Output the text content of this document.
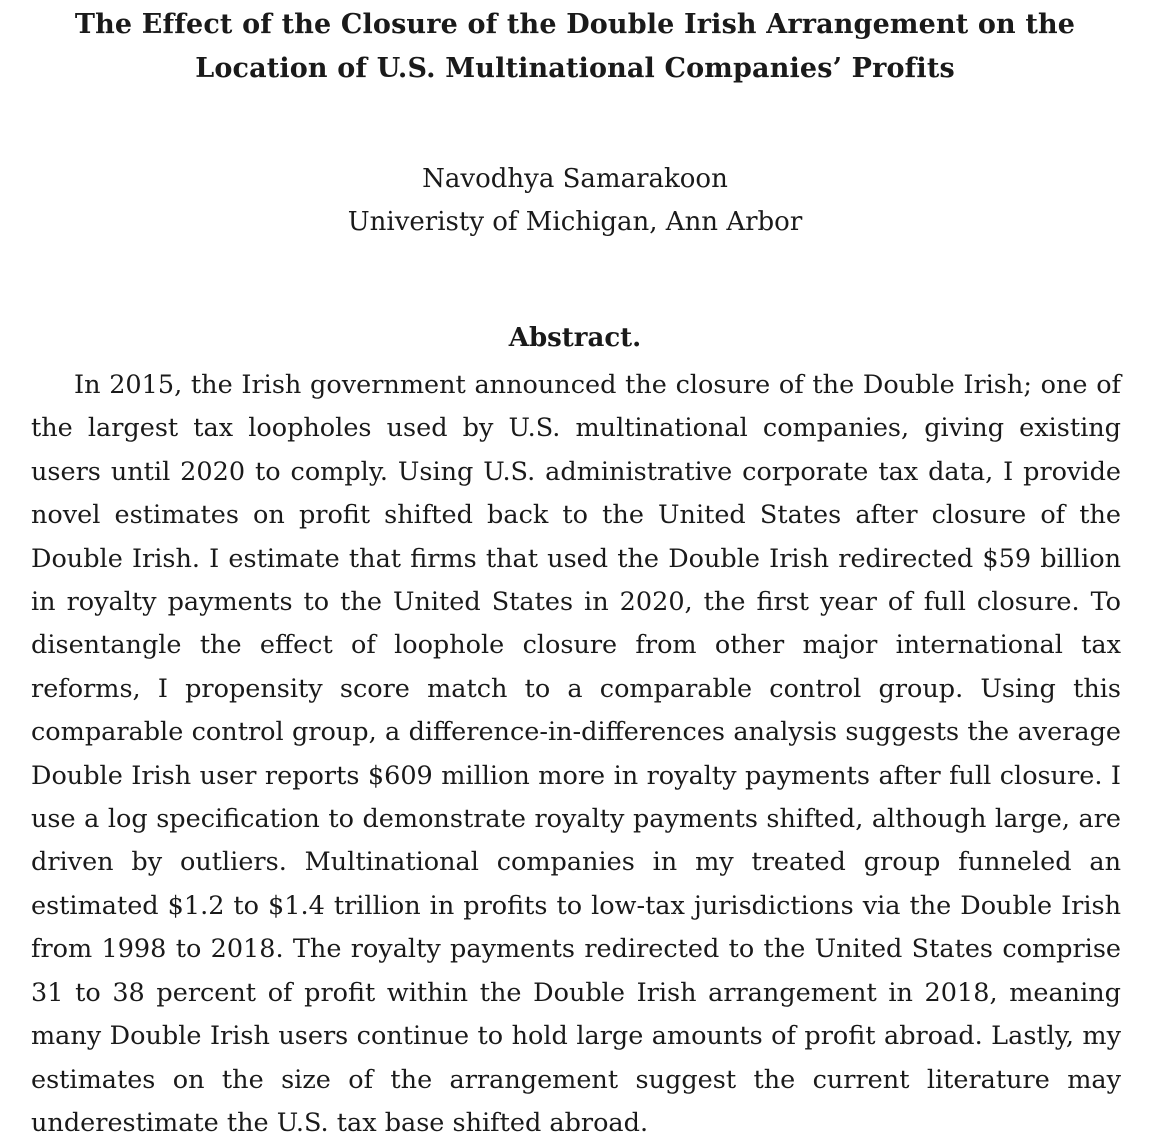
The Effect of the Closure of the Double Irish Arrangement on the Location of U.S. Multinational Companies’ Profits
Navodhya Samarakoon
Univeristy of Michigan, Ann Arbor
Abstract.

In 2015, the Irish government announced the closure of the Double Irish; one of the largest tax loopholes used by U.S. multinational companies, giving existing users until 2020 to comply. Using U.S. administrative corporate tax data, I provide novel estimates on profit shifted back to the United States after closure of the Double Irish. I estimate that firms that used the Double Irish redirected $59 billion in royalty payments to the United States in 2020, the first year of full closure. To disentangle the effect of loophole closure from other major international tax reforms, I propensity score match to a comparable control group. Using this comparable control group, a difference-in-differences analysis suggests the average Double Irish user reports $609 million more in royalty payments after full closure. I use a log specification to demonstrate royalty payments shifted, although large, are driven by outliers. Multinational companies in my treated group funneled an estimated $1.2 to $1.4 trillion in profits to low-tax jurisdictions via the Double Irish from 1998 to 2018. The royalty payments redirected to the United States comprise 31 to 38 percent of profit within the Double Irish arrangement in 2018, meaning many Double Irish users continue to hold large amounts of profit abroad. Lastly, my estimates on the size of the arrangement suggest the current literature may underestimate the U.S. tax base shifted abroad.
